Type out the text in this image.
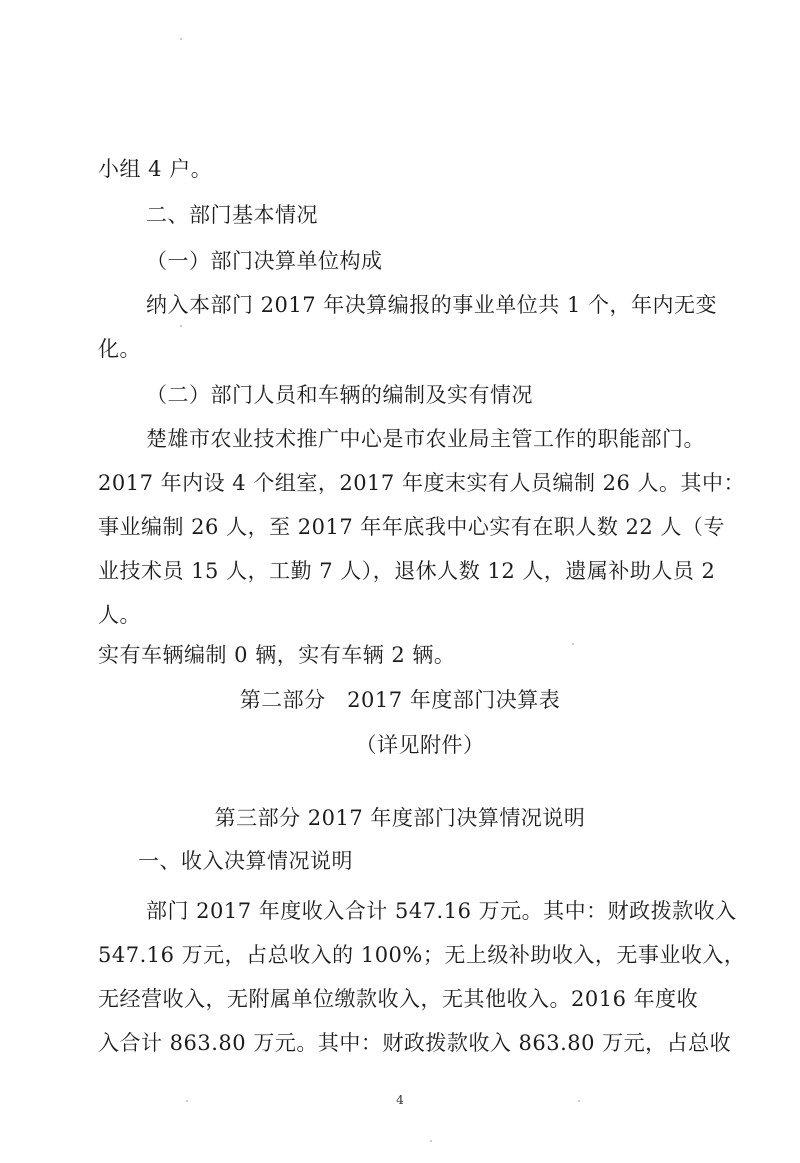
小组 4 户。
二、部门基本情况
（一）部门决算单位构成
纳入本部门 2017 年决算编报的事业单位共 1 个，年内无变
化。
（二）部门人员和车辆的编制及实有情况
楚雄市农业技术推广中心是市农业局主管工作的职能部门。
2017 年内设 4 个组室，2017 年度末实有人员编制 26 人。其中：
事业编制 26 人，至 2017 年年底我中心实有在职人数 22 人（专
业技术员 15 人，工勤 7 人），退休人数 12 人，遗属补助人员 2
人。
实有车辆编制 0 辆，实有车辆 2 辆。
第二部分　2017 年度部门决算表
（详见附件）
第三部分 2017 年度部门决算情况说明
一、收入决算情况说明
部门 2017 年度收入合计 547.16 万元。其中：财政拨款收入
547.16 万元，占总收入的 100%；无上级补助收入，无事业收入，
无经营收入，无附属单位缴款收入，无其他收入。2016 年度收
入合计 863.80 万元。其中：财政拨款收入 863.80 万元，占总收
4
